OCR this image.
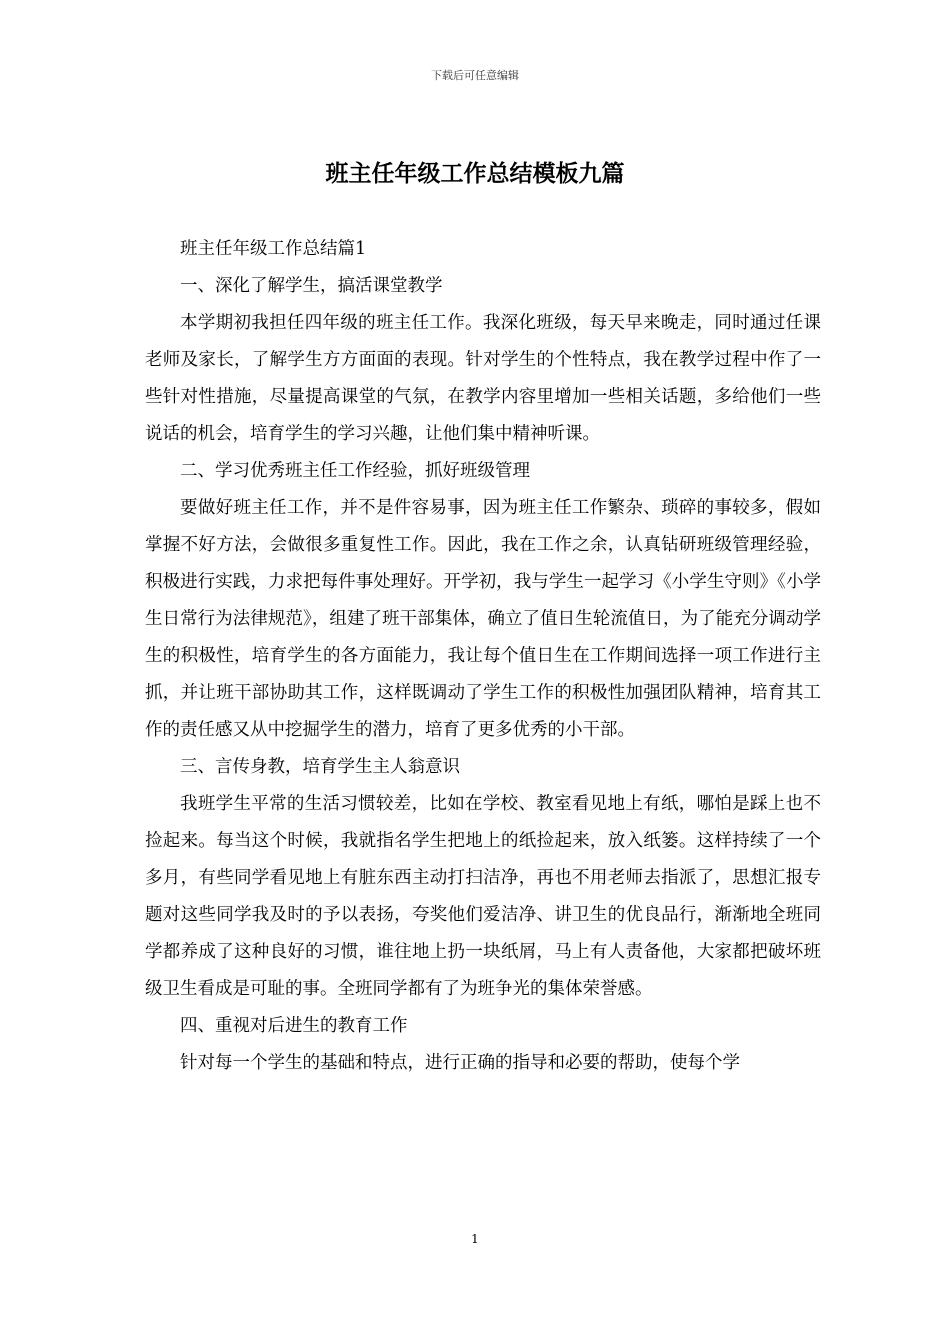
下载后可任意编辑
班主任年级工作总结模板九篇

班主任年级工作总结篇1

一、深化了解学生，搞活课堂教学

本学期初我担任四年级的班主任工作。我深化班级，每天早来晚走，同时通过任课老师及家长，了解学生方方面面的表现。针对学生的个性特点，我在教学过程中作了一些针对性措施，尽量提高课堂的气氛，在教学内容里增加一些相关话题，多给他们一些说话的机会，培育学生的学习兴趣，让他们集中精神听课。

二、学习优秀班主任工作经验，抓好班级管理

要做好班主任工作，并不是件容易事，因为班主任工作繁杂、琐碎的事较多，假如掌握不好方法，会做很多重复性工作。因此，我在工作之余，认真钻研班级管理经验，积极进行实践，力求把每件事处理好。开学初，我与学生一起学习《小学生守则》《小学生日常行为法律规范》，组建了班干部集体，确立了值日生轮流值日，为了能充分调动学生的积极性，培育学生的各方面能力，我让每个值日生在工作期间选择一项工作进行主抓，并让班干部协助其工作，这样既调动了学生工作的积极性加强团队精神，培育其工作的责任感又从中挖掘学生的潜力，培育了更多优秀的小干部。

三、言传身教，培育学生主人翁意识

我班学生平常的生活习惯较差，比如在学校、教室看见地上有纸，哪怕是踩上也不捡起来。每当这个时候，我就指名学生把地上的纸捡起来，放入纸篓。这样持续了一个多月，有些同学看见地上有脏东西主动打扫洁净，再也不用老师去指派了，思想汇报专题对这些同学我及时的予以表扬，夸奖他们爱洁净、讲卫生的优良品行，渐渐地全班同学都养成了这种良好的习惯，谁往地上扔一块纸屑，马上有人责备他，大家都把破坏班级卫生看成是可耻的事。全班同学都有了为班争光的集体荣誉感。

四、重视对后进生的教育工作

针对每一个学生的基础和特点，进行正确的指导和必要的帮助，使每个学

1
